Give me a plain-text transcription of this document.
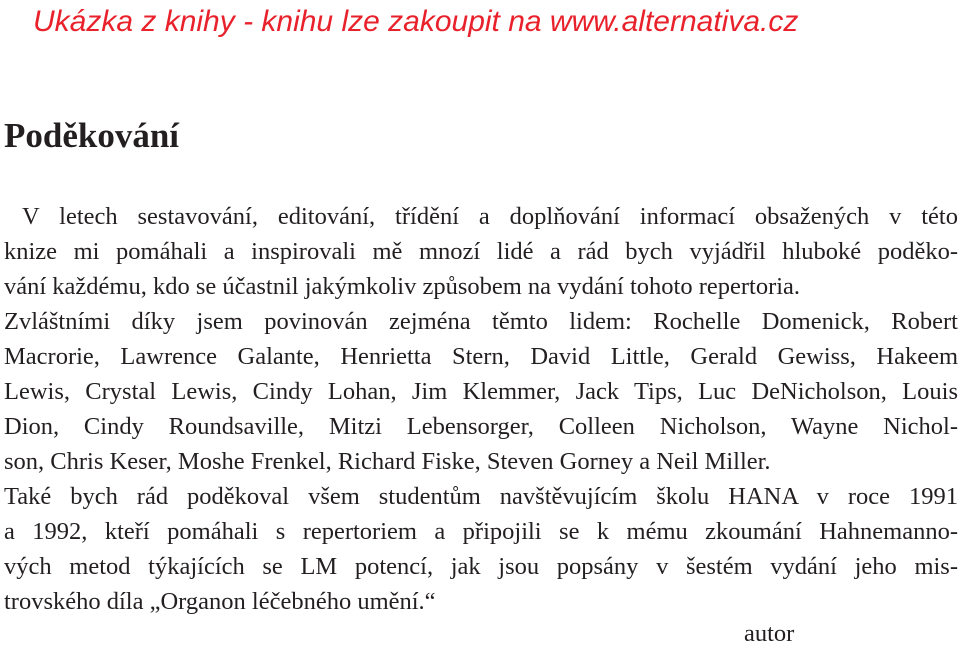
Ukázka z knihy - knihu lze zakoupit na www.alternativa.cz
Poděkování
V letech sestavování, editování, třídění a doplňování informací obsažených v této
knize mi pomáhali a inspirovali mě mnozí lidé a rád bych vyjádřil hluboké poděko-
vání každému, kdo se účastnil jakýmkoliv způsobem na vydání tohoto repertoria.
Zvláštními díky jsem povinován zejména těmto lidem: Rochelle Domenick, Robert
Macrorie, Lawrence Galante, Henrietta Stern, David Little, Gerald Gewiss, Hakeem
Lewis, Crystal Lewis, Cindy Lohan, Jim Klemmer, Jack Tips, Luc DeNicholson, Louis
Dion, Cindy Roundsaville, Mitzi Lebensorger, Colleen Nicholson, Wayne Nichol-
son, Chris Keser, Moshe Frenkel, Richard Fiske, Steven Gorney a Neil Miller.
Také bych rád poděkoval všem studentům navštěvujícím školu HANA v roce 1991
a 1992, kteří pomáhali s repertoriem a připojili se k mému zkoumání Hahnemanno-
vých metod týkajících se LM potencí, jak jsou popsány v šestém vydání jeho mis-
trovského díla „Organon léčebného umění.“

autor
